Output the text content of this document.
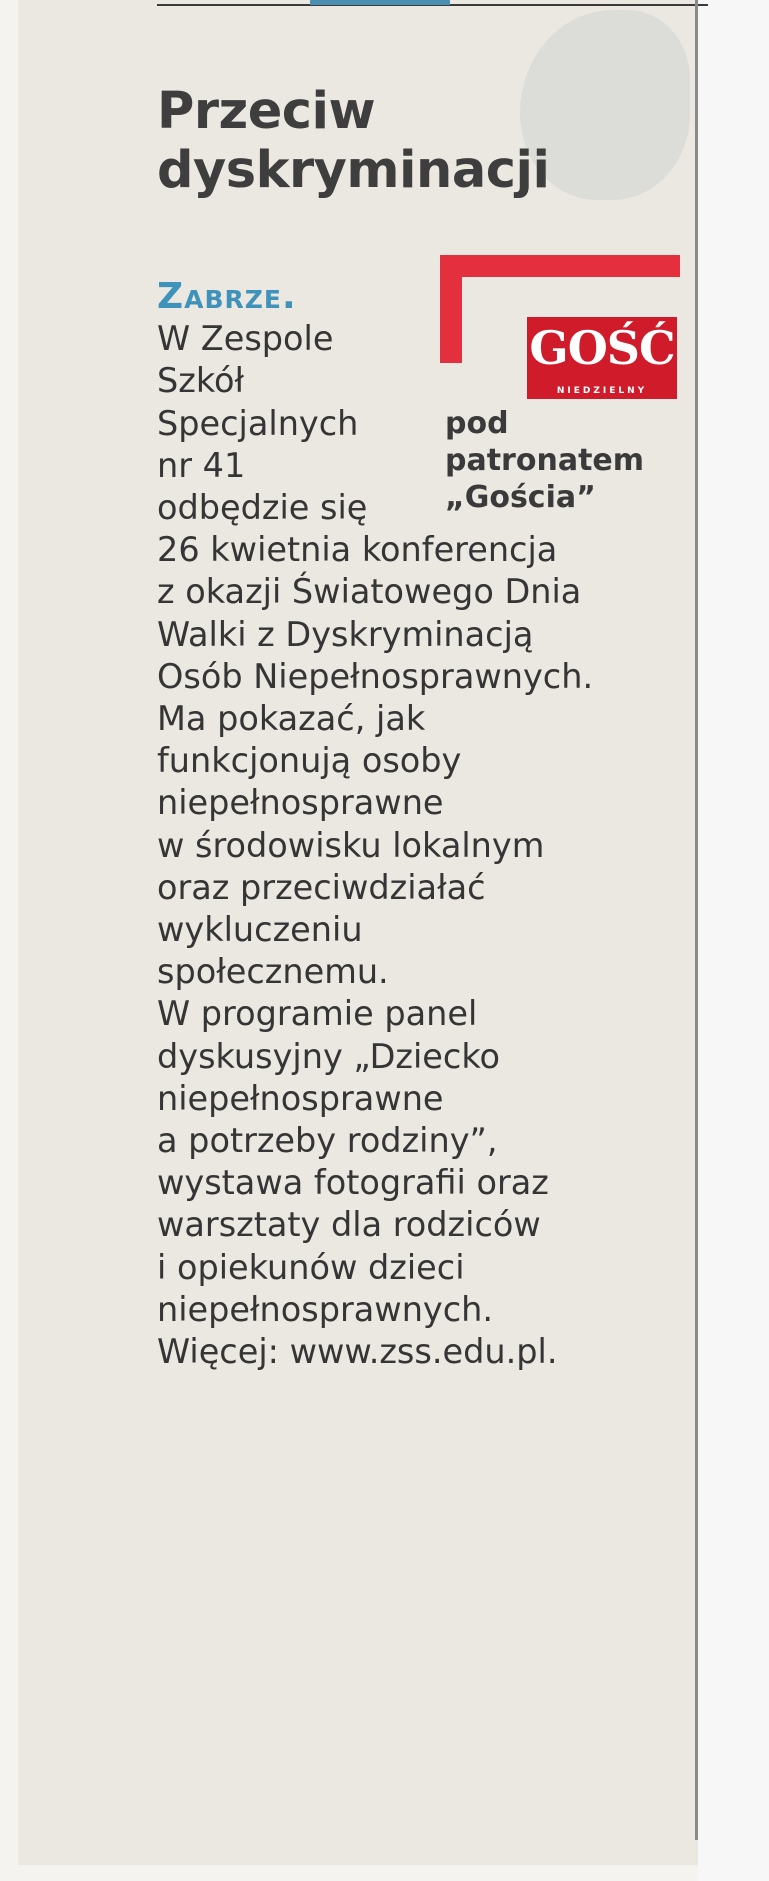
Przeciw
dyskryminacji
GOŚĆ
NIEDZIELNY
pod
patronatem
„Gościa”
Zabrze.
W Zespole
Szkół
Specjalnych
nr 41
odbędzie się
26 kwietnia konferencja
z okazji Światowego Dnia
Walki z Dyskryminacją
Osób Niepełnosprawnych.
Ma pokazać, jak
funkcjonują osoby
niepełnosprawne
w środowisku lokalnym
oraz przeciwdziałać
wykluczeniu
społecznemu.
W programie panel
dyskusyjny „Dziecko
niepełnosprawne
a potrzeby rodziny”,
wystawa fotografii oraz
warsztaty dla rodziców
i opiekunów dzieci
niepełnosprawnych.
Więcej: www.zss.edu.pl.
